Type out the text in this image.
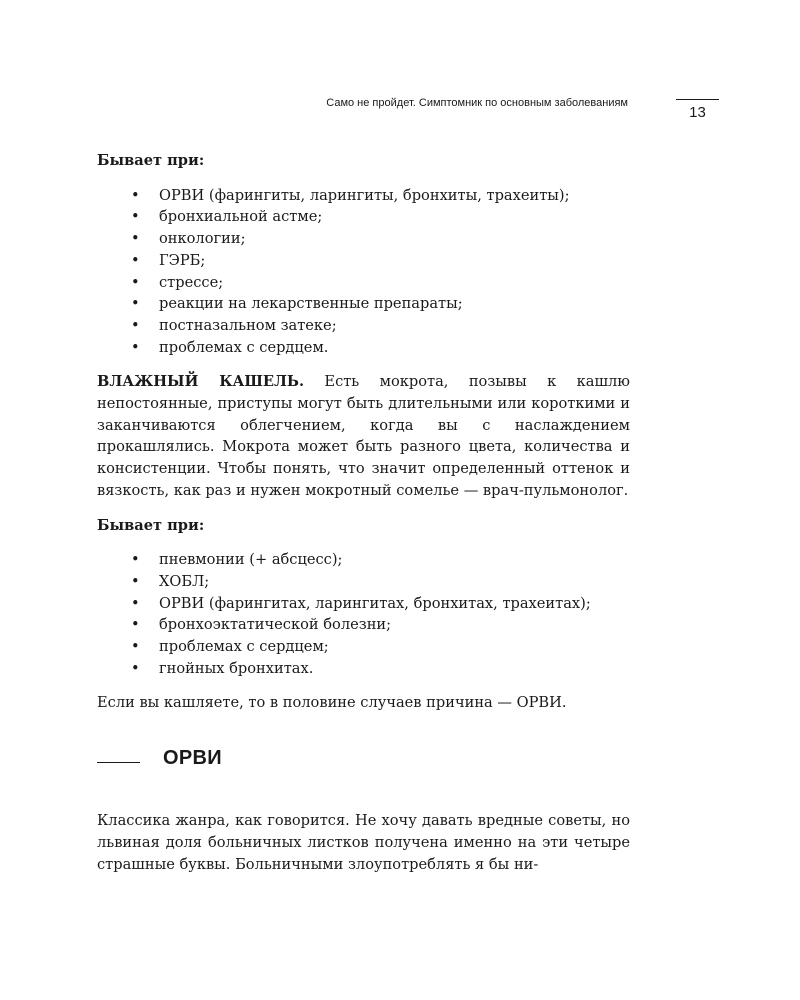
Само не пройдет. Симптомник по основным заболеваниям
13
Бывает при:
• ОРВИ (фарингиты, ларингиты, бронхиты, трахеиты);
• бронхиальной астме;
• онкологии;
• ГЭРБ;
• стрессе;
• реакции на лекарственные препараты;
• постназальном затеке;
• проблемах с сердцем.

ВЛАЖНЫЙ КАШЕЛЬ. Есть мокрота, позывы к кашлю непостоянные, приступы могут быть длительными или короткими и заканчиваются облегчением, когда вы с наслаждением прокашлялись. Мокрота может быть разного цвета, количества и консистенции. Чтобы понять, что значит определенный оттенок и вязкость, как раз и нужен мокротный сомелье — врач-пульмонолог.

Бывает при:
• пневмонии (+ абсцесс);
• ХОБЛ;
• ОРВИ (фарингитах, ларингитах, бронхитах, трахеитах);
• бронхоэктатической болезни;
• проблемах с сердцем;
• гнойных бронхитах.

Если вы кашляете, то в половине случаев причина — ОРВИ.

ОРВИ

Классика жанра, как говорится. Не хочу давать вредные советы, но львиная доля больничных листков получена именно на эти четыре страшные буквы. Больничными злоупотреблять я бы ни-
